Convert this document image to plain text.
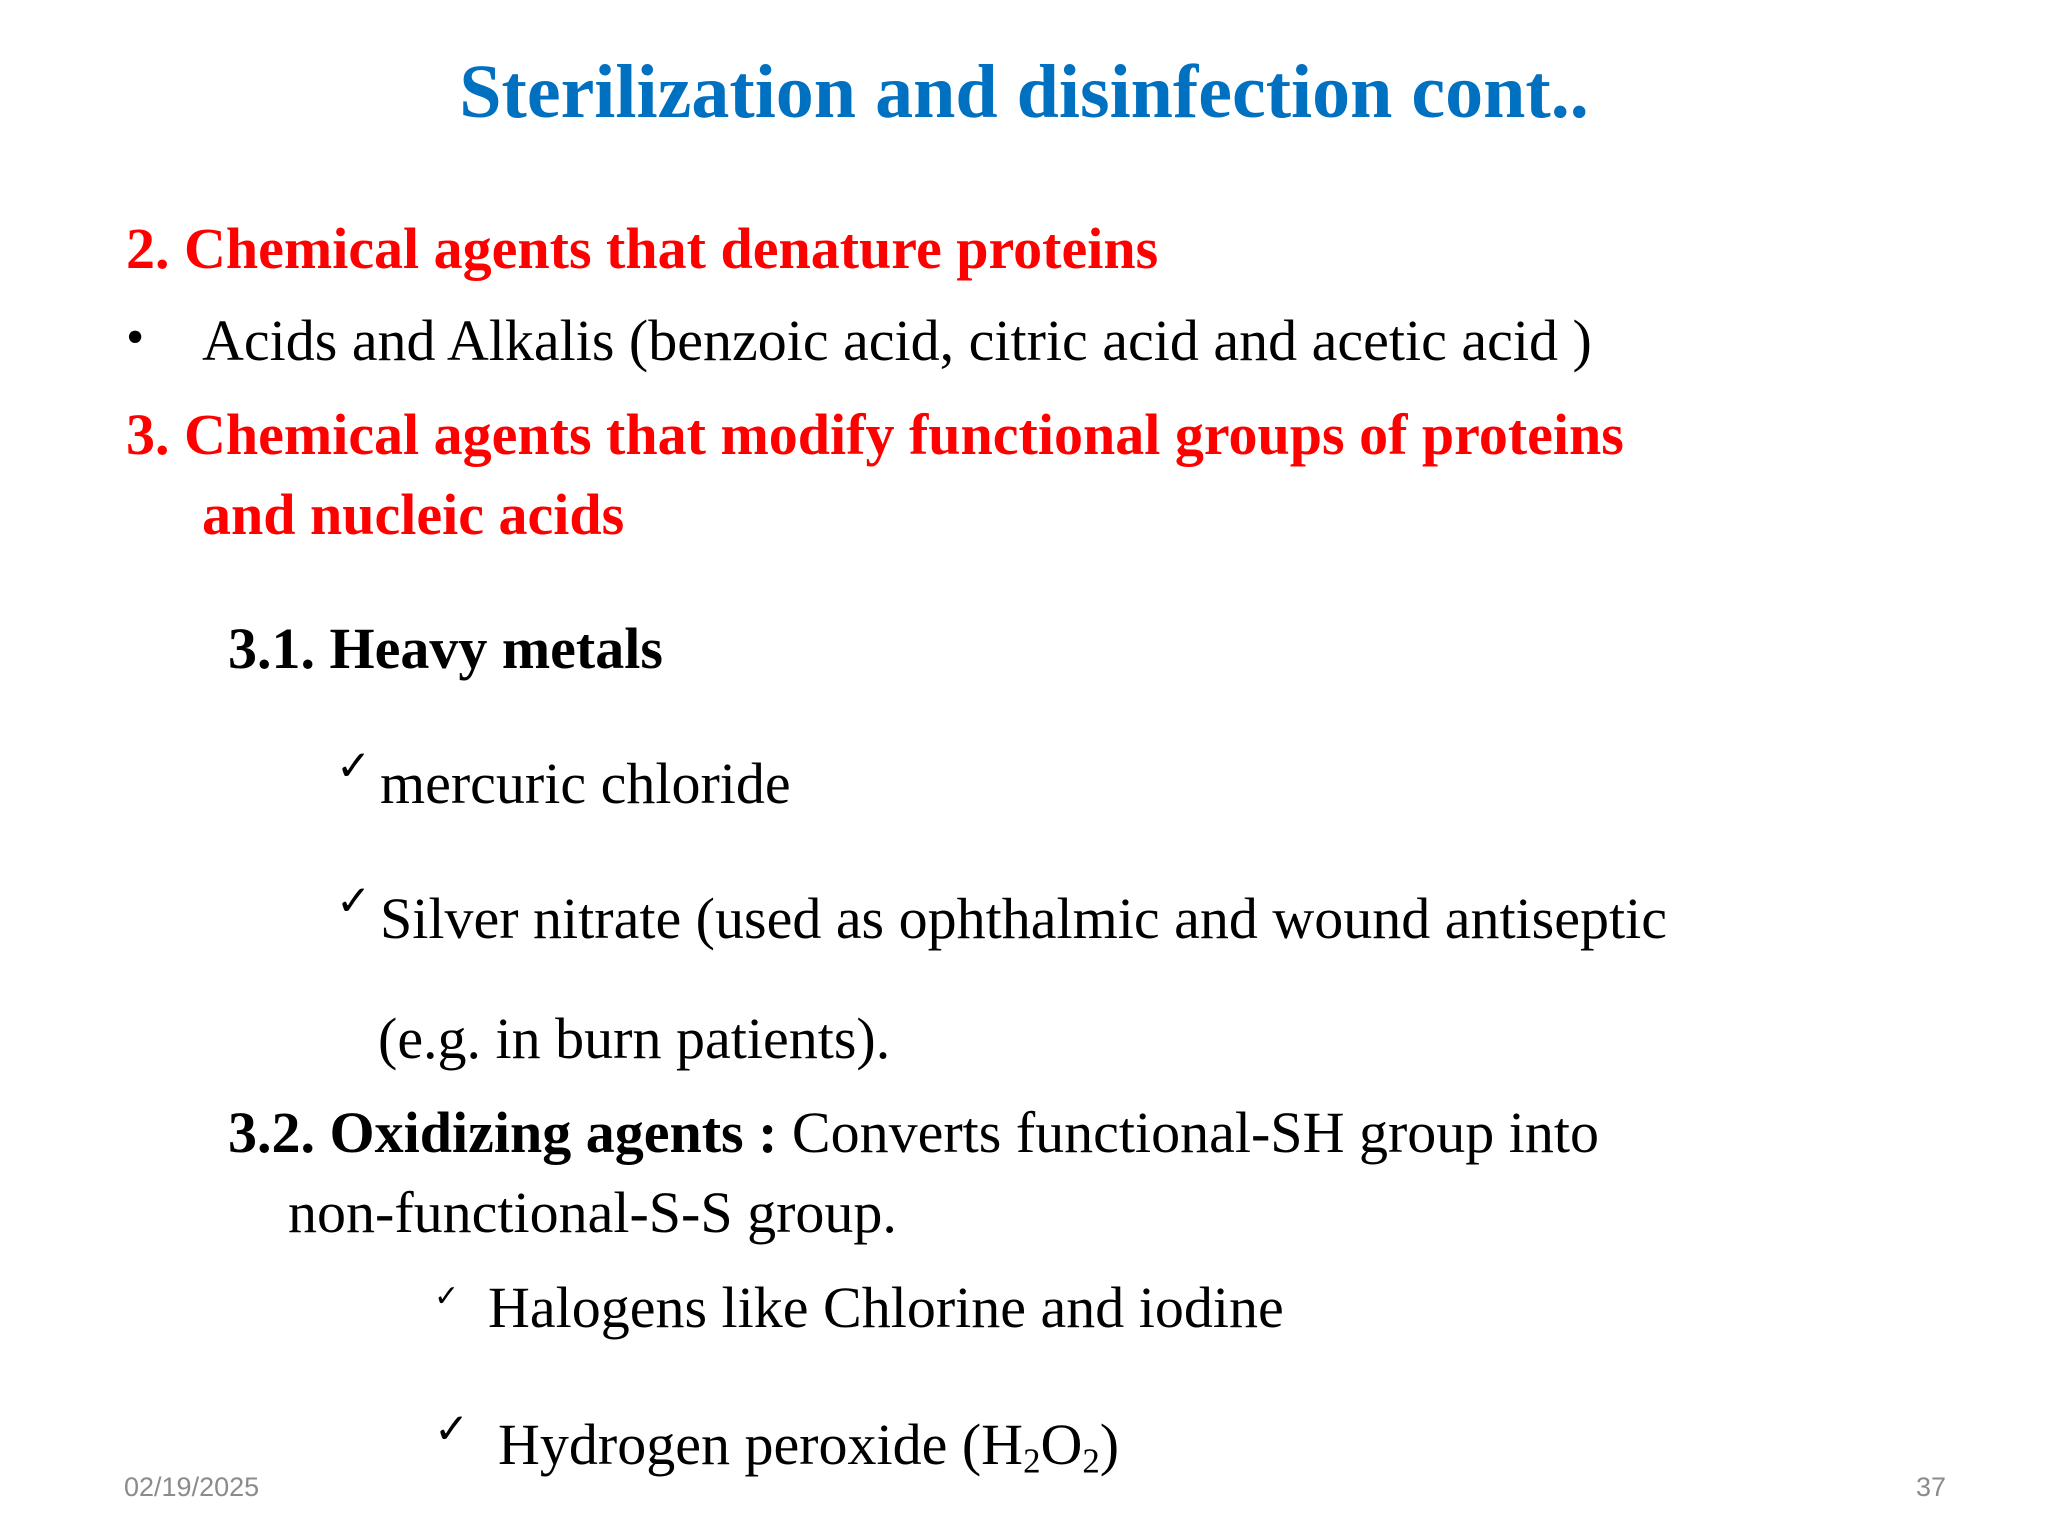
Sterilization and disinfection cont..
2. Chemical agents that denature proteins
• Acids and Alkalis (benzoic acid, citric acid and acetic acid )
3. Chemical agents that modify functional groups of proteins
and nucleic acids
3.1. Heavy metals
✓ mercuric chloride
✓ Silver nitrate (used as ophthalmic and wound antiseptic
(e.g. in burn patients).
3.2. Oxidizing agents : Converts functional-SH group into
non-functional-S-S group.
✓ Halogens like Chlorine and iodine
✓ Hydrogen peroxide $(H_2O_2)$
02/19/2025	37
